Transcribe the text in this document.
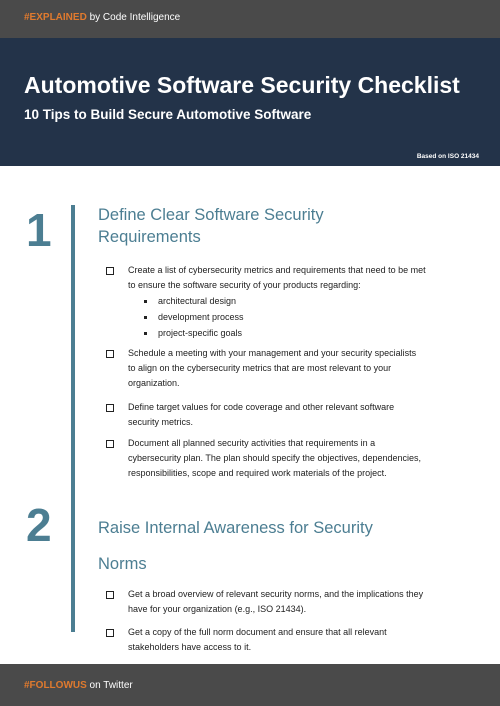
#EXPLAINED by Code Intelligence
Automotive Software Security Checklist
10 Tips to Build Secure Automotive Software
Based on ISO 21434
1	Define Clear Software Security
Requirements
Create a list of cybersecurity metrics and requirements that need to be met to ensure the software security of your products regarding:
architectural design
development process
project-specific goals
Schedule a meeting with your management and your security specialists to align on the cybersecurity metrics that are most relevant to your organization.
Define target values for code coverage and other relevant software security metrics.
Document all planned security activities that requirements in a cybersecurity plan. The plan should specify the objectives, dependencies, responsibilities, scope and required work materials of the project.
2	Raise Internal Awareness for Security
Norms
Get a broad overview of relevant security norms, and the implications they have for your organization (e.g., ISO 21434).
Get a copy of the full norm document and ensure that all relevant stakeholders have access to it.
#FOLLOWUS on Twitter
